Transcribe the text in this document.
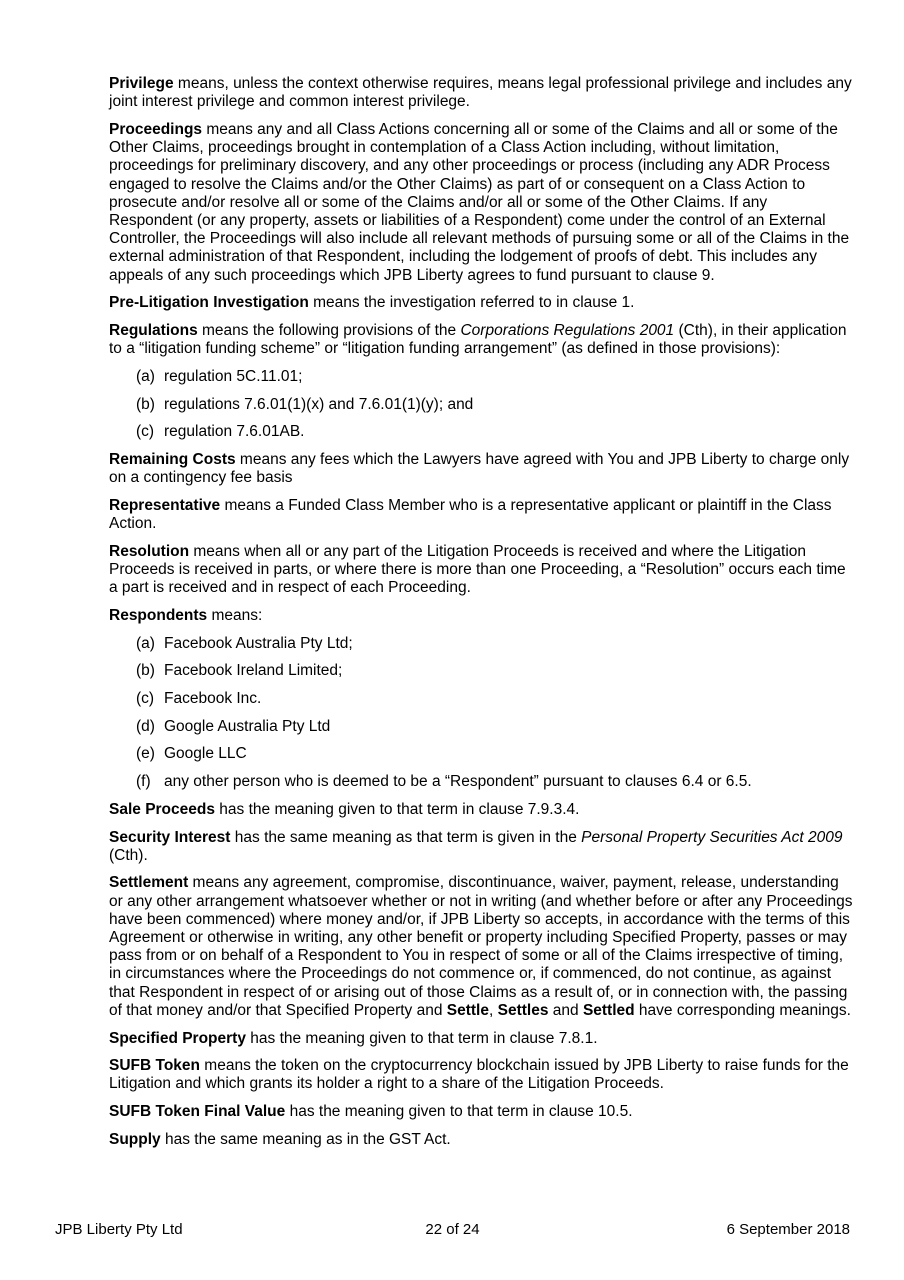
Privilege means, unless the context otherwise requires, means legal professional privilege and includes any joint interest privilege and common interest privilege.

Proceedings means any and all Class Actions concerning all or some of the Claims and all or some of the Other Claims, proceedings brought in contemplation of a Class Action including, without limitation, proceedings for preliminary discovery, and any other proceedings or process (including any ADR Process engaged to resolve the Claims and/or the Other Claims) as part of or consequent on a Class Action to prosecute and/or resolve all or some of the Claims and/or all or some of the Other Claims. If any Respondent (or any property, assets or liabilities of a Respondent) come under the control of an External Controller, the Proceedings will also include all relevant methods of pursuing some or all of the Claims in the external administration of that Respondent, including the lodgement of proofs of debt. This includes any appeals of any such proceedings which JPB Liberty agrees to fund pursuant to clause 9.

Pre-Litigation Investigation means the investigation referred to in clause 1.

Regulations means the following provisions of the Corporations Regulations 2001 (Cth), in their application to a “litigation funding scheme” or “litigation funding arrangement” (as defined in those provisions):

(a) regulation 5C.11.01;
(b) regulations 7.6.01(1)(x) and 7.6.01(1)(y); and
(c) regulation 7.6.01AB.

Remaining Costs means any fees which the Lawyers have agreed with You and JPB Liberty to charge only on a contingency fee basis

Representative means a Funded Class Member who is a representative applicant or plaintiff in the Class Action.

Resolution means when all or any part of the Litigation Proceeds is received and where the Litigation Proceeds is received in parts, or where there is more than one Proceeding, a “Resolution” occurs each time a part is received and in respect of each Proceeding.

Respondents means:

(a) Facebook Australia Pty Ltd;
(b) Facebook Ireland Limited;
(c) Facebook Inc.
(d) Google Australia Pty Ltd
(e) Google LLC
(f) any other person who is deemed to be a “Respondent” pursuant to clauses 6.4 or 6.5.

Sale Proceeds has the meaning given to that term in clause 7.9.3.4.

Security Interest has the same meaning as that term is given in the Personal Property Securities Act 2009 (Cth).

Settlement means any agreement, compromise, discontinuance, waiver, payment, release, understanding or any other arrangement whatsoever whether or not in writing (and whether before or after any Proceedings have been commenced) where money and/or, if JPB Liberty so accepts, in accordance with the terms of this Agreement or otherwise in writing, any other benefit or property including Specified Property, passes or may pass from or on behalf of a Respondent to You in respect of some or all of the Claims irrespective of timing, in circumstances where the Proceedings do not commence or, if commenced, do not continue, as against that Respondent in respect of or arising out of those Claims as a result of, or in connection with, the passing of that money and/or that Specified Property and Settle, Settles and Settled have corresponding meanings.

Specified Property has the meaning given to that term in clause 7.8.1.

SUFB Token means the token on the cryptocurrency blockchain issued by JPB Liberty to raise funds for the Litigation and which grants its holder a right to a share of the Litigation Proceeds.

SUFB Token Final Value has the meaning given to that term in clause 10.5.

Supply has the same meaning as in the GST Act.

JPB Liberty Pty Ltd	22 of 24	6 September 2018
